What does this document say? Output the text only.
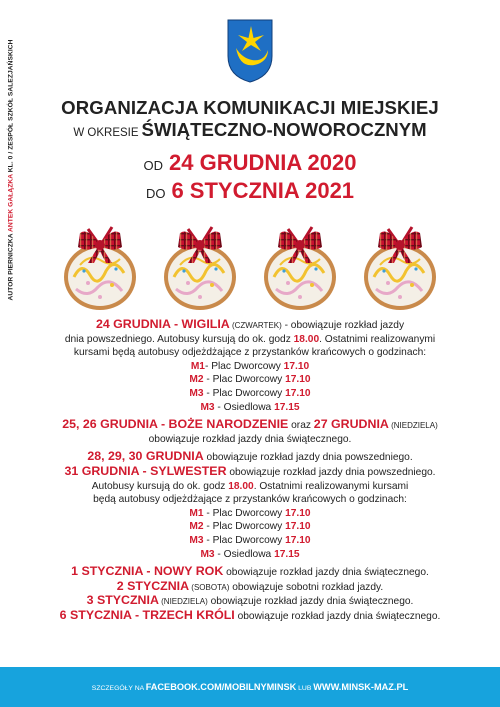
AUTOR PIERNICZKA ANTEK GAŁĄZKA KL. 0 / ZESPÓŁ SZKÓŁ SALEZJAŃSKICH	ORGANIZACJA KOMUNIKACJI MIEJSKIEJ
W OKRESIE ŚWIĄTECZNO-NOWOROCZNYM
OD 24 GRUDNIA 2020
DO 6 STYCZNIA 2021

24 GRUDNIA - WIGILIA (CZWARTEK) - obowiązuje rozkład jazdy

dnia powszedniego. Autobusy kursują do ok. godz 18.00. Ostatnimi realizowanymi

kursami będą autobusy odjeżdżające z przystanków krańcowych o godzinach:

M1- Plac Dworcowy 17.10

M2 - Plac Dworcowy 17.10

M3 - Plac Dworcowy 17.10

M3 - Osiedlowa 17.15

25, 26 GRUDNIA - BOŻE NARODZENIE oraz 27 GRUDNIA (NIEDZIELA)

obowiązuje rozkład jazdy dnia świątecznego.

28, 29, 30 GRUDNIA obowiązuje rozkład jazdy dnia powszedniego.

31 GRUDNIA - SYLWESTER obowiązuje rozkład jazdy dnia powszedniego.

Autobusy kursują do ok. godz 18.00. Ostatnimi realizowanymi kursami

będą autobusy odjeżdżające z przystanków krańcowych o godzinach:

M1 - Plac Dworcowy 17.10

M2 - Plac Dworcowy 17.10

M3 - Plac Dworcowy 17.10

M3 - Osiedlowa 17.15

1 STYCZNIA - NOWY ROK obowiązuje rozkład jazdy dnia świątecznego.

2 STYCZNIA (SOBOTA) obowiązuje sobotni rozkład jazdy.

3 STYCZNIA (NIEDZIELA) obowiązuje rozkład jazdy dnia świątecznego.

6 STYCZNIA - TRZECH KRÓLI obowiązuje rozkład jazdy dnia świątecznego.

SZCZEGÓŁY NA FACEBOOK.COM/MOBILNYMINSK LUB WWW.MINSK-MAZ.PL
